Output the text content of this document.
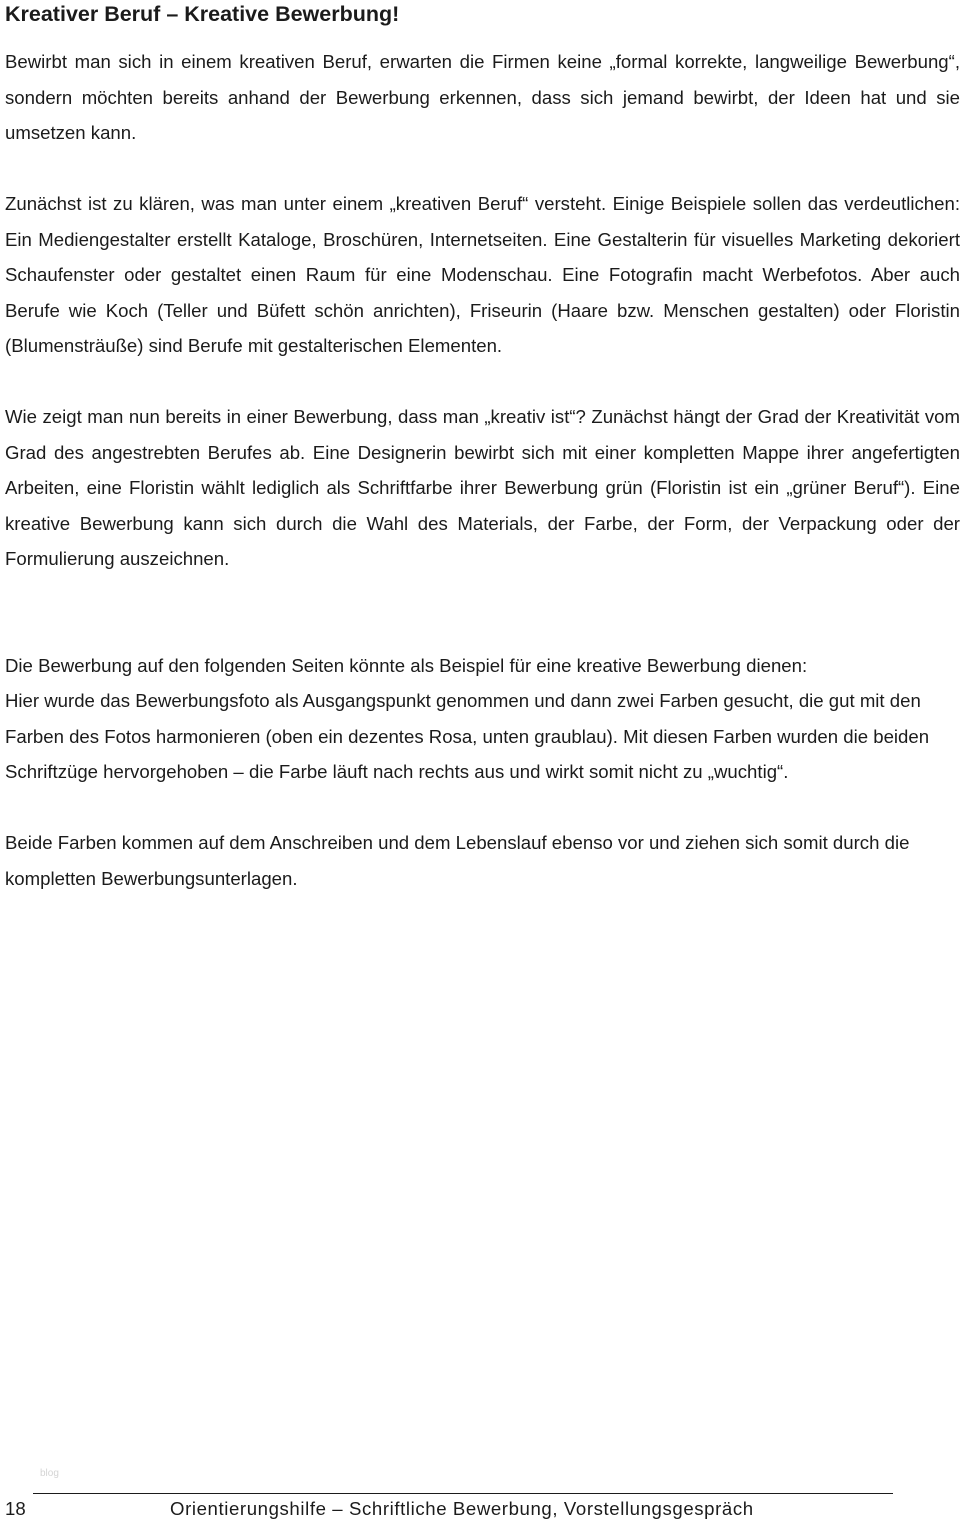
Kreativer Beruf – Kreative Bewerbung!

Bewirbt man sich in einem kreativen Beruf, erwarten die Firmen keine „formal korrekte, langweilige Bewerbung“, sondern möchten bereits anhand der Bewerbung erkennen, dass sich jemand bewirbt, der Ideen hat und sie umsetzen kann.

Zunächst ist zu klären, was man unter einem „kreativen Beruf“ versteht. Einige Beispiele sollen das verdeutlichen: Ein Mediengestalter erstellt Kataloge, Broschüren, Internetseiten. Eine Gestalterin für visuelles Marketing dekoriert Schaufenster oder gestaltet einen Raum für eine Modenschau. Eine Fotografin macht Werbefotos. Aber auch Berufe wie Koch (Teller und Büfett schön anrichten), Friseurin (Haare bzw. Menschen gestalten) oder Floristin (Blumensträuße) sind Berufe mit gestalterischen Elementen.

Wie zeigt man nun bereits in einer Bewerbung, dass man „kreativ ist“? Zunächst hängt der Grad der Kreativität vom Grad des angestrebten Berufes ab. Eine Designerin bewirbt sich mit einer kompletten Mappe ihrer angefertigten Arbeiten, eine Floristin wählt lediglich als Schriftfarbe ihrer Bewerbung grün (Floristin ist ein „grüner Beruf“). Eine kreative Bewerbung kann sich durch die Wahl des Materials, der Farbe, der Form, der Verpackung oder der Formulierung auszeichnen.

Die Bewerbung auf den folgenden Seiten könnte als Beispiel für eine kreative Bewerbung dienen:

Hier wurde das Bewerbungsfoto als Ausgangspunkt genommen und dann zwei Farben gesucht, die gut mit den Farben des Fotos harmonieren (oben ein dezentes Rosa, unten graublau). Mit diesen Farben wurden die beiden Schriftzüge hervorgehoben – die Farbe läuft nach rechts aus und wirkt somit nicht zu „wuchtig“.

Beide Farben kommen auf dem Anschreiben und dem Lebenslauf ebenso vor und ziehen sich somit durch die kompletten Bewerbungsunterlagen.

blog
18	Orientierungshilfe – Schriftliche Bewerbung, Vorstellungsgespräch
